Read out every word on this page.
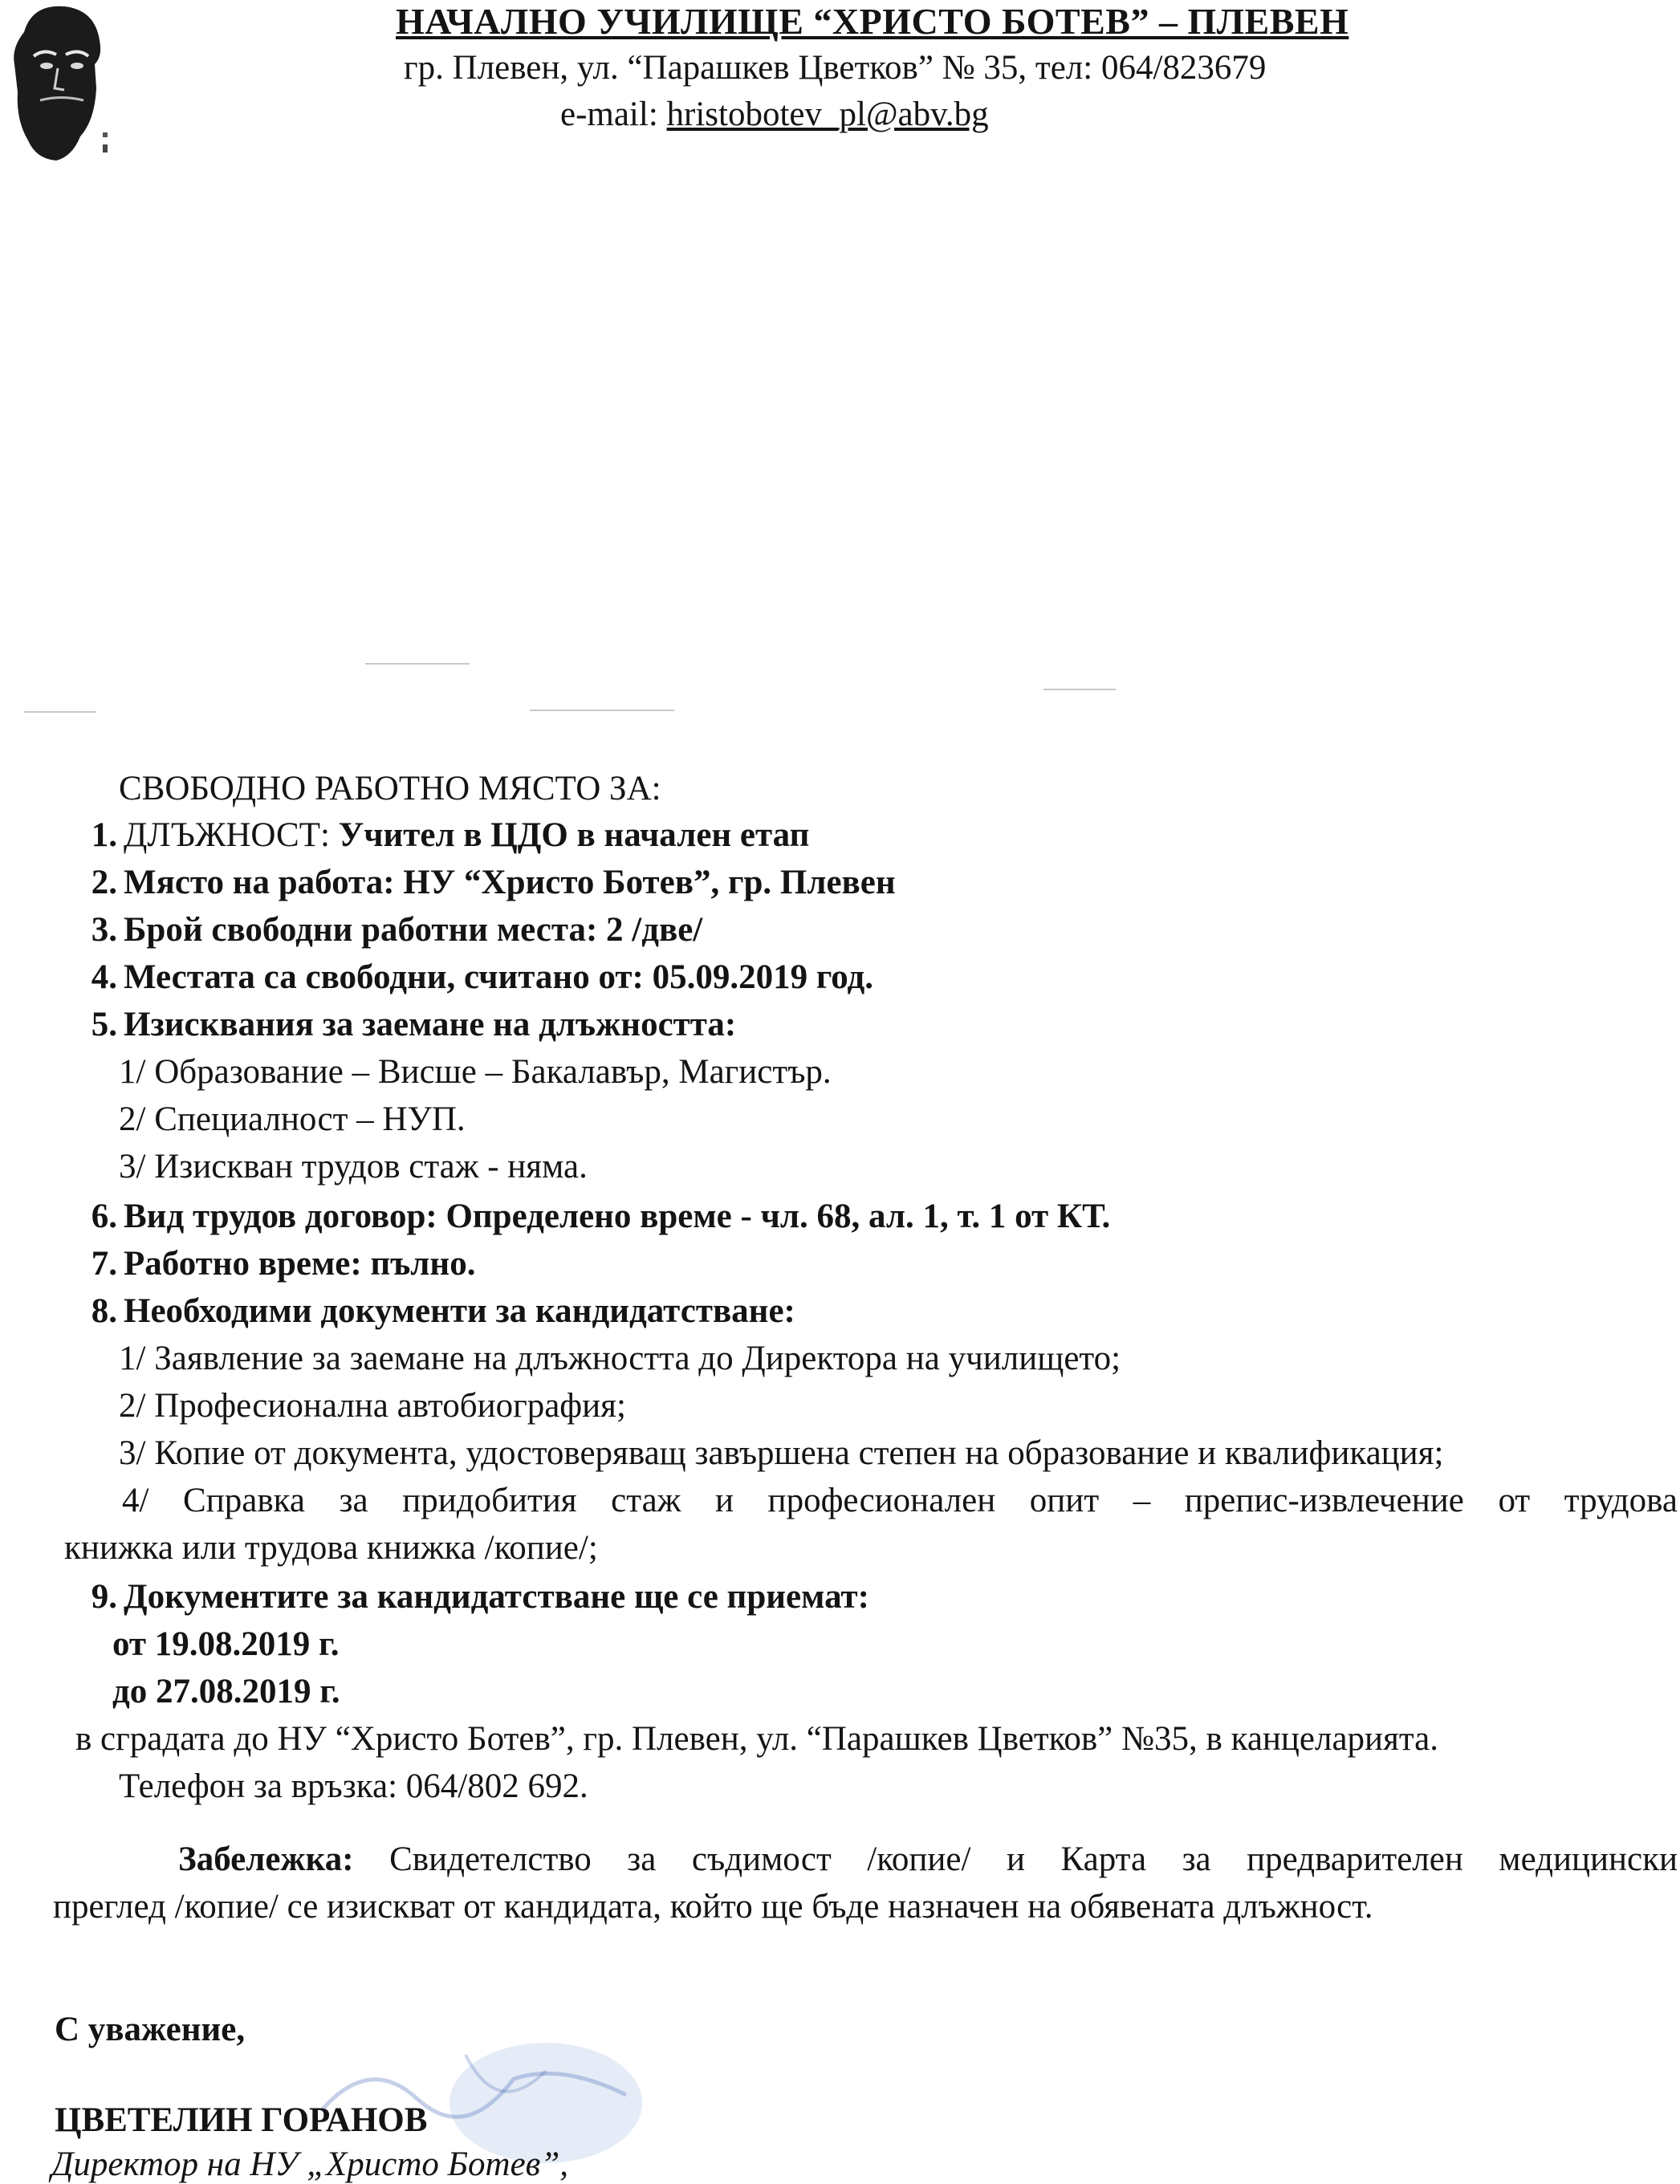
НАЧАЛНО УЧИЛИЩЕ “ХРИСТО БОТЕВ” – ПЛЕВЕН
гр. Плевен, ул. “Парашкев Цветков” № 35, тел: 064/823679
e-mail: hristobotev_pl@abv.bg
СВОБОДНО РАБОТНО МЯСТО ЗА:
1. ДЛЪЖНОСТ: Учител в ЦДО в начален етап
2. Място на работа: НУ “Христо Ботев”, гр. Плевен
3. Брой свободни работни места: 2 /две/
4. Местата са свободни, считано от: 05.09.2019 год.
5. Изисквания за заемане на длъжността:
1/ Образование – Висше – Бакалавър, Магистър.
2/ Специалност – НУП.
3/ Изискван трудов стаж - няма.
6. Вид трудов договор: Определено време - чл. 68, ал. 1, т. 1 от КТ.
7. Работно време: пълно.
8. Необходими документи за кандидатстване:
1/ Заявление за заемане на длъжността до Директора на училището;
2/ Професионална автобиография;
3/ Копие от документа, удостоверяващ завършена степен на образование и квалификация;
4/ Справка за придобития стаж и професионален опит – препис-извлечение от трудова
книжка или трудова книжка /копие/;
9. Документите за кандидатстване ще се приемат:
от 19.08.2019 г.
до 27.08.2019 г.
в сградата до НУ “Христо Ботев”, гр. Плевен, ул. “Парашкев Цветков” №35, в канцеларията.
Телефон за връзка: 064/802 692.
Забележка: Свидетелство за съдимост /копие/ и Карта за предварителен медицински
преглед /копие/ се изискват от кандидата, който ще бъде назначен на обявената длъжност.
С уважение,
ЦВЕТЕЛИН ГОРАНОВ
Директор на НУ „Христо Ботев”,
